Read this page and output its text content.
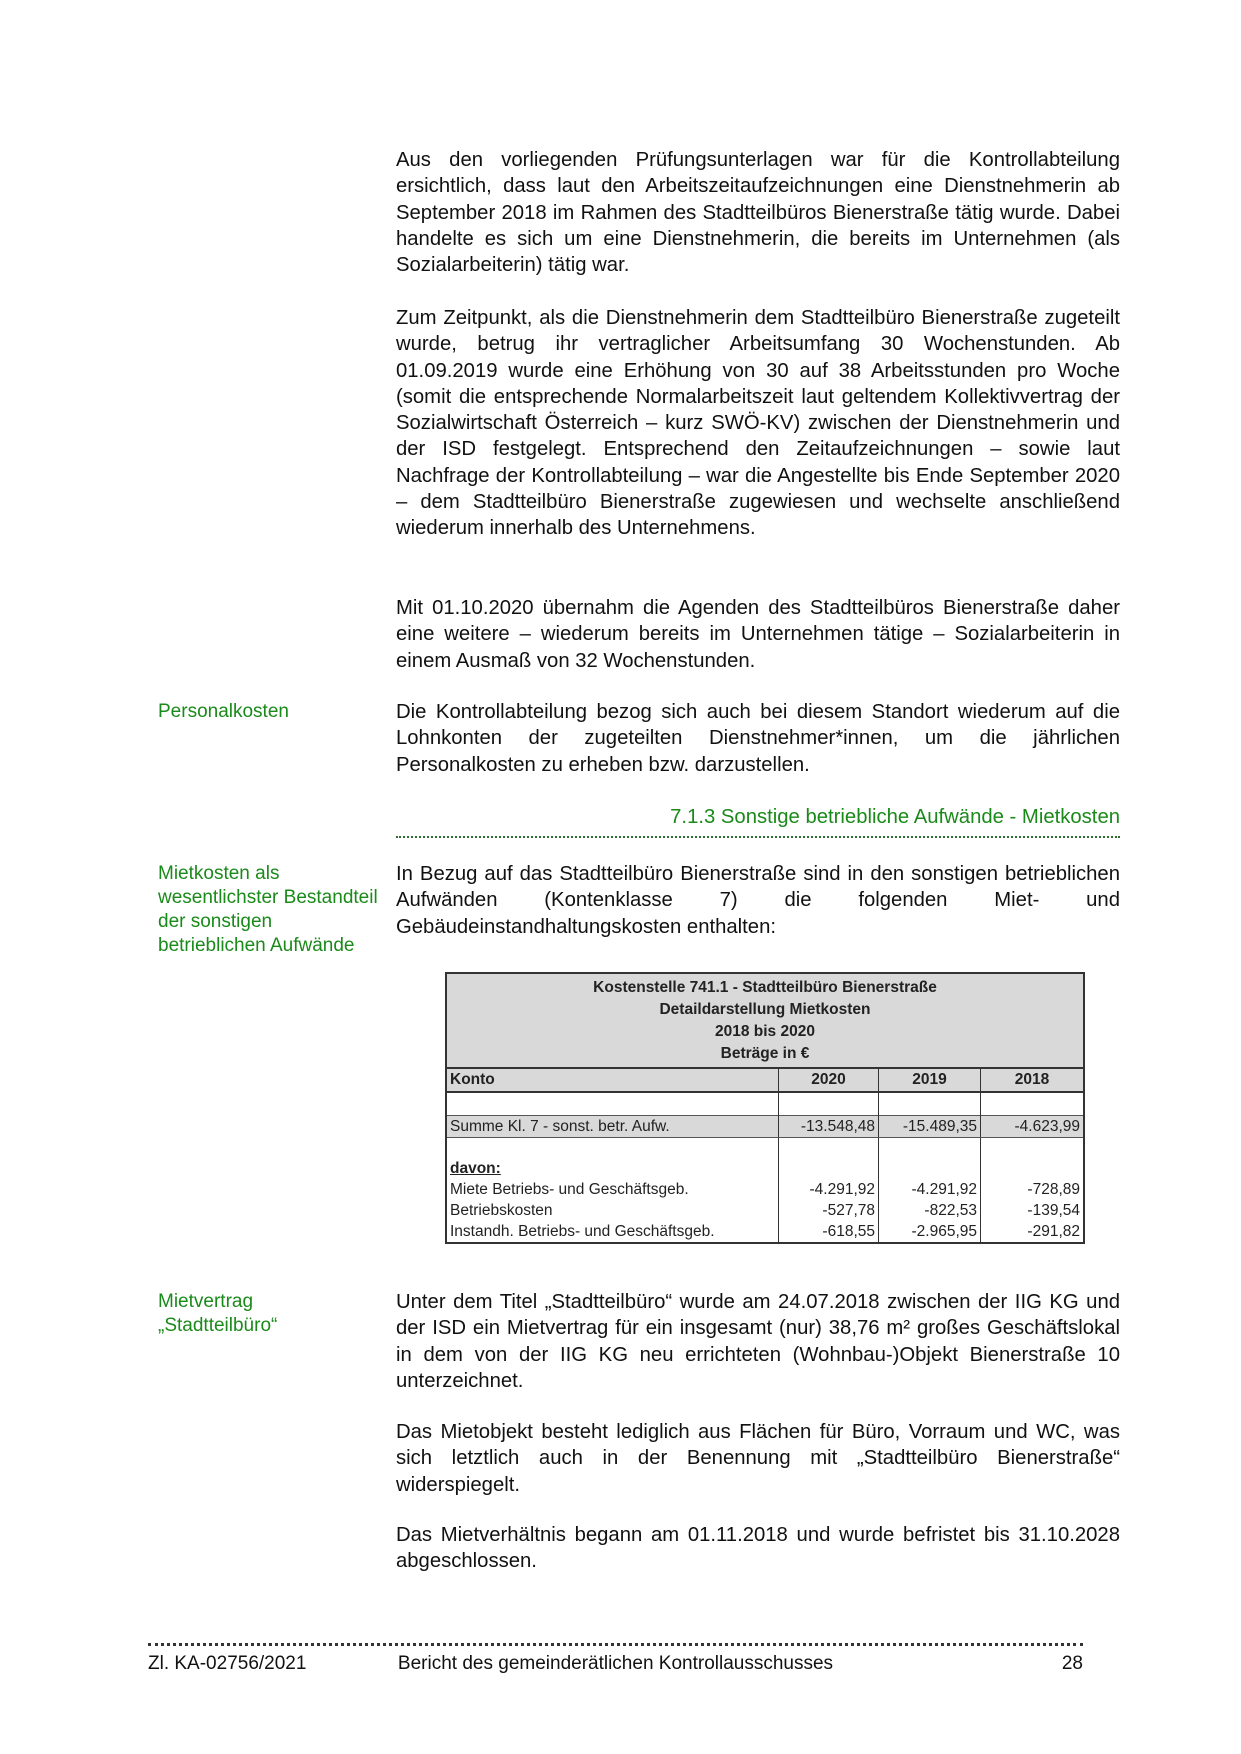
Aus den vorliegenden Prüfungsunterlagen war für die Kontrollabteilung ersichtlich, dass laut den Arbeitszeitaufzeichnungen eine Dienstnehmerin ab September 2018 im Rahmen des Stadtteilbüros Bienerstraße tätig wurde. Dabei handelte es sich um eine Dienstnehmerin, die bereits im Unternehmen (als Sozialarbeiterin) tätig war.

Zum Zeitpunkt, als die Dienstnehmerin dem Stadtteilbüro Bienerstraße zugeteilt wurde, betrug ihr vertraglicher Arbeitsumfang 30 Wochenstunden. Ab 01.09.2019 wurde eine Erhöhung von 30 auf 38 Arbeitsstunden pro Woche (somit die entsprechende Normalarbeitszeit laut geltendem Kollektivvertrag der Sozialwirtschaft Österreich – kurz SWÖ-KV) zwischen der Dienstnehmerin und der ISD festgelegt. Entsprechend den Zeitaufzeichnungen – sowie laut Nachfrage der Kontrollabteilung – war die Angestellte bis Ende September 2020 – dem Stadtteilbüro Bienerstraße zugewiesen und wechselte anschließend wiederum innerhalb des Unternehmens.

Mit 01.10.2020 übernahm die Agenden des Stadtteilbüros Bienerstraße daher eine weitere – wiederum bereits im Unternehmen tätige – Sozialarbeiterin in einem Ausmaß von 32 Wochenstunden.

Personalkosten	Die Kontrollabteilung bezog sich auch bei diesem Standort wiederum auf die Lohnkonten der zugeteilten Dienstnehmer*innen, um die jährlichen Personalkosten zu erheben bzw. darzustellen.

7.1.3 Sonstige betriebliche Aufwände - Mietkosten

Mietkosten als wesentlichster Bestandteil der sonstigen betrieblichen Aufwände

In Bezug auf das Stadtteilbüro Bienerstraße sind in den sonstigen betrieblichen Aufwänden (Kontenklasse 7) die folgenden Miet- und Gebäudeinstandhaltungskosten enthalten:

Kostenstelle 741.1 - Stadtteilbüro Bienerstraße
Detaildarstellung Mietkosten
2018 bis 2020
Beträge in €			

Konto	2020	2019	2018

Summe Kl. 7 - sonst. betr. Aufw.	-13.548,48	-15.489,35	-4.623,99

davon:			
Miete Betriebs- und Geschäftsgeb.	-4.291,92	-4.291,92	-728,89
Betriebskosten	-527,78	-822,53	-139,54
Instandh. Betriebs- und Geschäftsgeb.	-618,55	-2.965,95	-291,82

Mietvertrag „Stadtteilbüro“

Unter dem Titel „Stadtteilbüro“ wurde am 24.07.2018 zwischen der IIG KG und der ISD ein Mietvertrag für ein insgesamt (nur) 38,76 m² großes Geschäftslokal in dem von der IIG KG neu errichteten (Wohnbau-)Objekt Bienerstraße 10 unterzeichnet.

Das Mietobjekt besteht lediglich aus Flächen für Büro, Vorraum und WC, was sich letztlich auch in der Benennung mit „Stadtteilbüro Bienerstraße“ widerspiegelt.

Das Mietverhältnis begann am 01.11.2018 und wurde befristet bis 31.10.2028 abgeschlossen.

Bericht des gemeinderätlichen Kontrollausschusses
Zl. KA-02756/2021	28
